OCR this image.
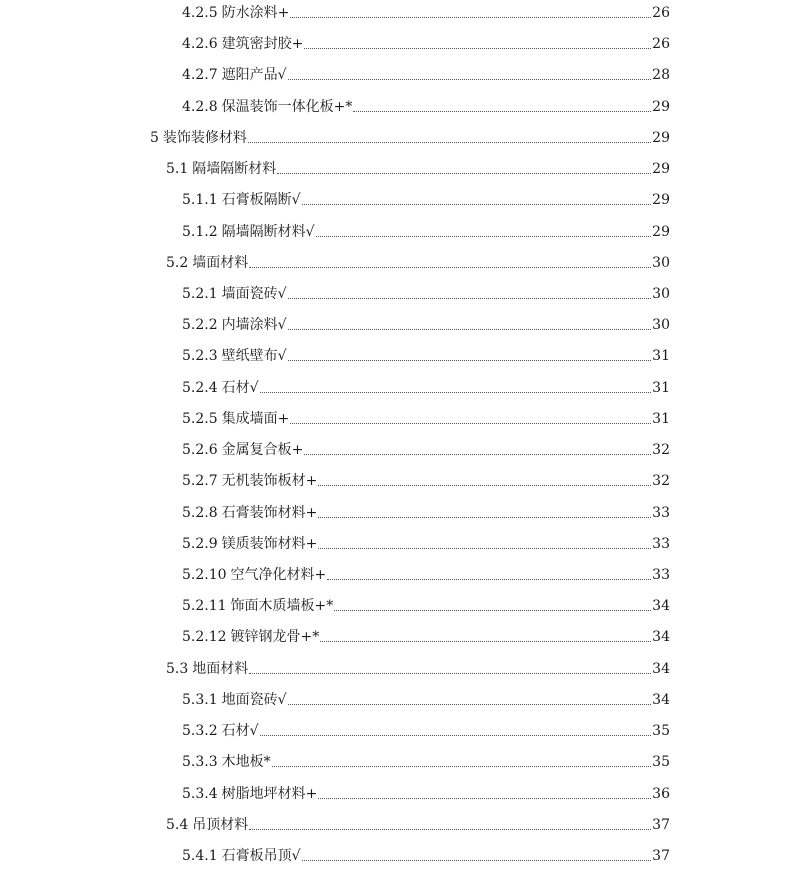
4.2.5 防水涂料+	26
4.2.6 建筑密封胶+	26
4.2.7 遮阳产品√	28
4.2.8 保温装饰一体化板+*	29
5 装饰装修材料	29
5.1 隔墙隔断材料	29
5.1.1 石膏板隔断√	29
5.1.2 隔墙隔断材料√	29
5.2 墙面材料	30
5.2.1 墙面瓷砖√	30
5.2.2 内墙涂料√	30
5.2.3 壁纸壁布√	31
5.2.4 石材√	31
5.2.5 集成墙面+	31
5.2.6 金属复合板+	32
5.2.7 无机装饰板材+	32
5.2.8 石膏装饰材料+	33
5.2.9 镁质装饰材料+	33
5.2.10 空气净化材料+	33
5.2.11 饰面木质墙板+*	34
5.2.12 镀锌钢龙骨+*	34
5.3 地面材料	34
5.3.1 地面瓷砖√	34
5.3.2 石材√	35
5.3.3 木地板*	35
5.3.4 树脂地坪材料+	36
5.4 吊顶材料	37
5.4.1 石膏板吊顶√	37
